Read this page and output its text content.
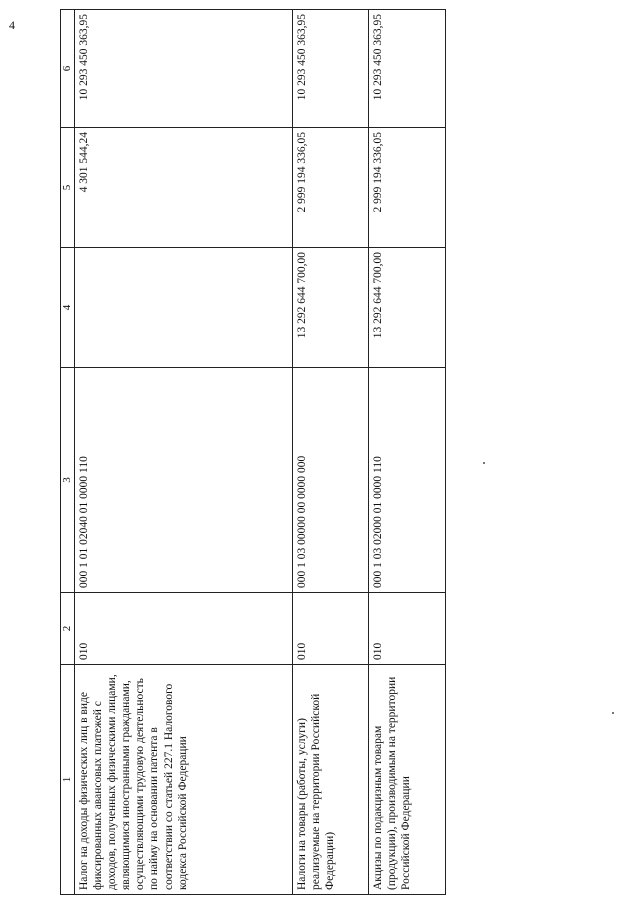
4
1	2	3	4	5	6
Налог на доходы физических лиц в виде фиксированных авансовых платежей с доходов, полученных физическими лицами, являющимися иностранными гражданами, осуществляющими трудовую деятельность по найму на основании патента в соответствии со статьей 227.1 Налогового кодекса Российской Федерации	010	000 1 01 02040 01 0000 110		4 301 544,24	10 293 450 363,95
Налоги на товары (работы, услуги) реализуемые на территории Российской Федерации)	010	000 1 03 00000 00 0000 000	13 292 644 700,00	2 999 194 336,05	10 293 450 363,95
Акцизы по подакцизным товарам (продукции), производимым на территории Российской Федерации	010	000 1 03 02000 01 0000 110	13 292 644 700,00	2 999 194 336,05	10 293 450 363,95
